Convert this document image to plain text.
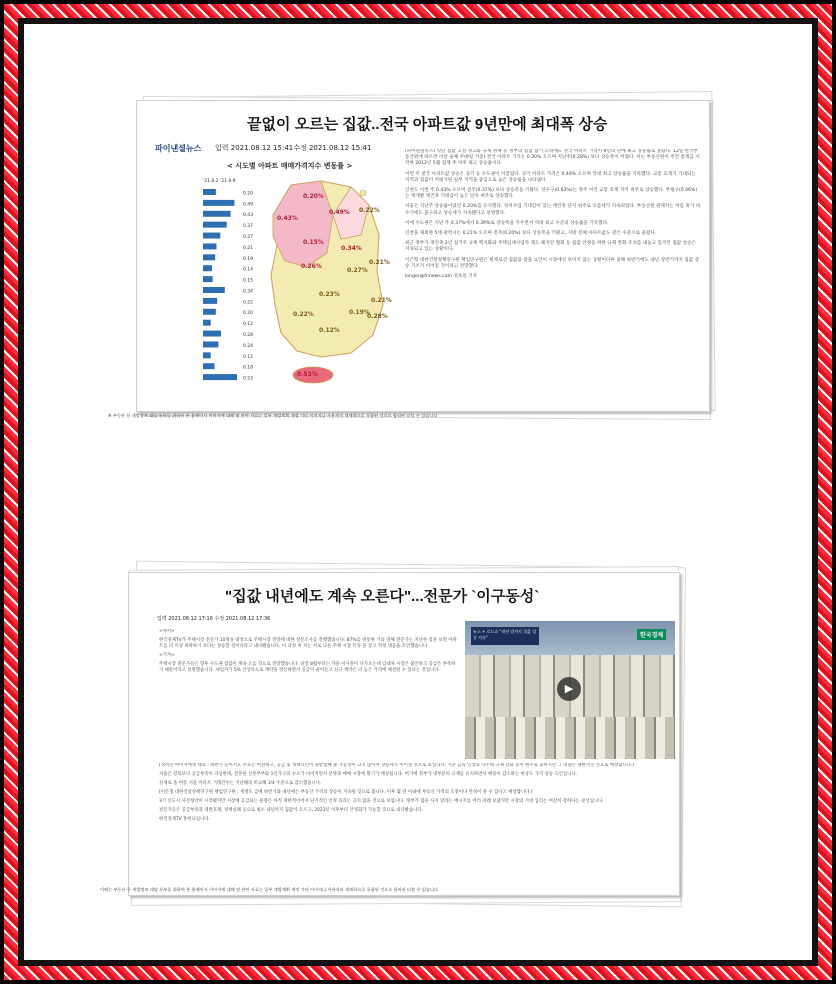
끝없이 오르는 집값..전국 아파트값 9년만에 최대폭 상승
파이낸셜뉴스 입력 2021.08.12 15:41수정 2021.08.12 15:41
< 시도별 아파트 매매가격지수 변동률 >
'21.8.2 '21.8.9
0.20
0.49
0.43
0.37
0.27
0.21
0.19
0.14
0.15
0.34
0.22
0.20
0.12
0.28
0.24
0.12
0.18
0.53
0.20%
0.49%
0.43%
0.22%
0.15%
0.34%
0.26%
0.27%
0.21%
0.23%
0.21%
0.19%
0.22%
0.12%
0.28%
0.53%

(파이낸셜뉴스) 잇단 집값 고점 경고와 규제 정책 등 정부의 집값 잡기 노력에도 전국 아파트 가격이 9년의 만에 최고 상승률로 올랐다. 12일 한국부동산원에 따르면 이달 둘째 주(9일 기준) 전국 아파트 가격은 0.30% 오르며 지난주(0.28%) 보다 상승폭이 커졌다. 이는 부동산원이 주간 통계를 시작한 2012년 5월 집계 후 이후 최고 상승률이다.

이번 주 전국 아파트값 상승은 경기 등 수도권이 이끌었다. 경기 아파트 가격은 0.49% 오르며 역대 최고 상승률을 기록했다. 교통 호재가 기대되는 지역과 집값이 저평가된 일부 지역을 중심으로 높은 상승률을 나타냈다.

인천도 이번 주 0.43% 오르며 전주(0.37%) 보다 상승폭을 키웠다. 연수구(0.63%)는 정주 여건 교통 호재 지역 위주로 상승했다. 부평구(0.46%)는 재개발 재건축 기대감이 높은 단지 위주로 상승했다.

서울은 지난주 상승률이었던 0.20%를 유지했다. 정비사업 기대감이 있는 재건축 단지 위주로 오름세가 지속되었다. 부동산원 관계자는 여름 휴가 비수기에도 불구하고 상승세가 지속됐다고 설명했다.

이에 수도권은 지난 주 0.37%에서 0.39%로 상승폭을 키우면서 역대 최고 수준의 상승률을 기록했다.

인천을 제외한 5대 광역시는 0.21% 오르며 전주(0.20%) 보다 상승폭을 키웠고, 지방 전체 아파트값도 같은 수준으로 올랐다.

최근 정부가 재건축 2년 실거주 규제 백지화와 주택임대사업자 제도 폐지안 철회 등 집값 안정을 위한 규제 완화 조치를 내놓고 있지만 집값 상승은 지속되고 있는 상황이다.

이은형 대한건설정책연구원 책임연구원은 현재로선 집값을 잡을 요인이 시장에선 보이지 않는 상황이다며 올해 하반기에도 내년 상반기까지 집값 상승 기조가 이어질 것이라고 전망했다.

longss@fnnews.com 성초롱 기자

※ 부동산 등 개발정보 대담 통보를 위하여 본 홈페이지 이미지에 대해 및 관련 자료는 일부 개발계획 계정 기타 이미지나 사용자의 개재학으로 포함된 것으로 합리된 더불 수 있습니다
"집값 내년에도 계속 오른다"...전문가 `이구동성`
입력 2021.08.12 17:16 수정 2021.08.12 17:36
뉴스 + 로드쇼 "내년 말까지 집값 상승 지속"	한국경제
▶

<앵커>

한국경제TV가 주택시장 전문가 10명을 대상으로 주택시장 전망에 대한 설문조사를 진행했습니다. 87%를 비롯한 거의 전체 전문가는 지난한 점을 보면 아파트를 더 이상 하락하기 보다는 상승할 것이다라고 내다봤습니다. 이 과정 미 치는 서로 다른 주택 시장 특징 을 짚고 적정 대응을 조언했습니다.

<기자>

주택시장 전문가들은 향후 수도권 집값이 계속 오를 것으로 전망했습니다. 당장 8월부터는 가을 이사철이 다가오는데 입대차 시장은 불안하고 공급은 부족하기 때문이라고 설명했습니다. 세입자가 5% 인상폭으로 계약을 갱신하면서 공급이 줄어들고 신규 계약은 더 높은 가격에 체결될 수 있다는 것입니다.

[정비연 아이지에셋 대표 : 하반기 들어서도 수요는 여전하고, 공급 및 정책요인이 뒷받침해 줄 가능성이 크지 않아서 상승세가 이어질 것으로 보입니다. 기준 금리 인상과 다주택 규제 강화 등이 변수로 꼽히지만 그 영향은 제한적일 것으로 예상합니다.]

서울은 강북보다 공급부족이 극심한데, 결혼한 신혼부부와 1인가구의 수요가 이어지면서 분양과 매매 시장에 활기가 예상됩니다. 여기에 정부가 대부분의 규제를 유지하면서 매물이 감소하는 현상도 가격 상승 요인입니다.

실제로 올 여름 서울 아파트 거래건수는 지난해의 비교해 1/4 수준으로 감소했습니다.

[이은형 대한건설정책연구원 책임연구원 : 재생도 급매 하반기와 내년에는 부동산 가격의 상승이 지속될 것으로 봅니다. 이후 몇 년 이내에 부동산 가격의 조정이나 안정이 올 수 있다고 예상합니다.]

3기 신도시 사전청약이 시작됐지만 시장에 공급되는 물량은 아직 제한적이어서 단기적인 안정 효과는 크지 않을 것으로 보입니다. 정부가 집을 사지 말라는 메시지를 여러 차례 보냈지만 시장의 기대 심리는 여전히 강하다는 분석입니다.

전문가들은 공급부족과 개발호재, 정책실패 등으로 최소 내년까지 집값이 오르고, 2023년 이후부터 안정화가 가능할 것으로 내다봤습니다.

한국경제TV 홍헌표입니다.

이에는 부동산 등 개발정보 대담 통보를 위하여 본 홈페이지 이미지에 대해 및 관련 자료는 일부 개발계획 계정 기타 이미지나 사용자의 개재학으로 포함된 것으로 합리된 더불 수 있습니다
